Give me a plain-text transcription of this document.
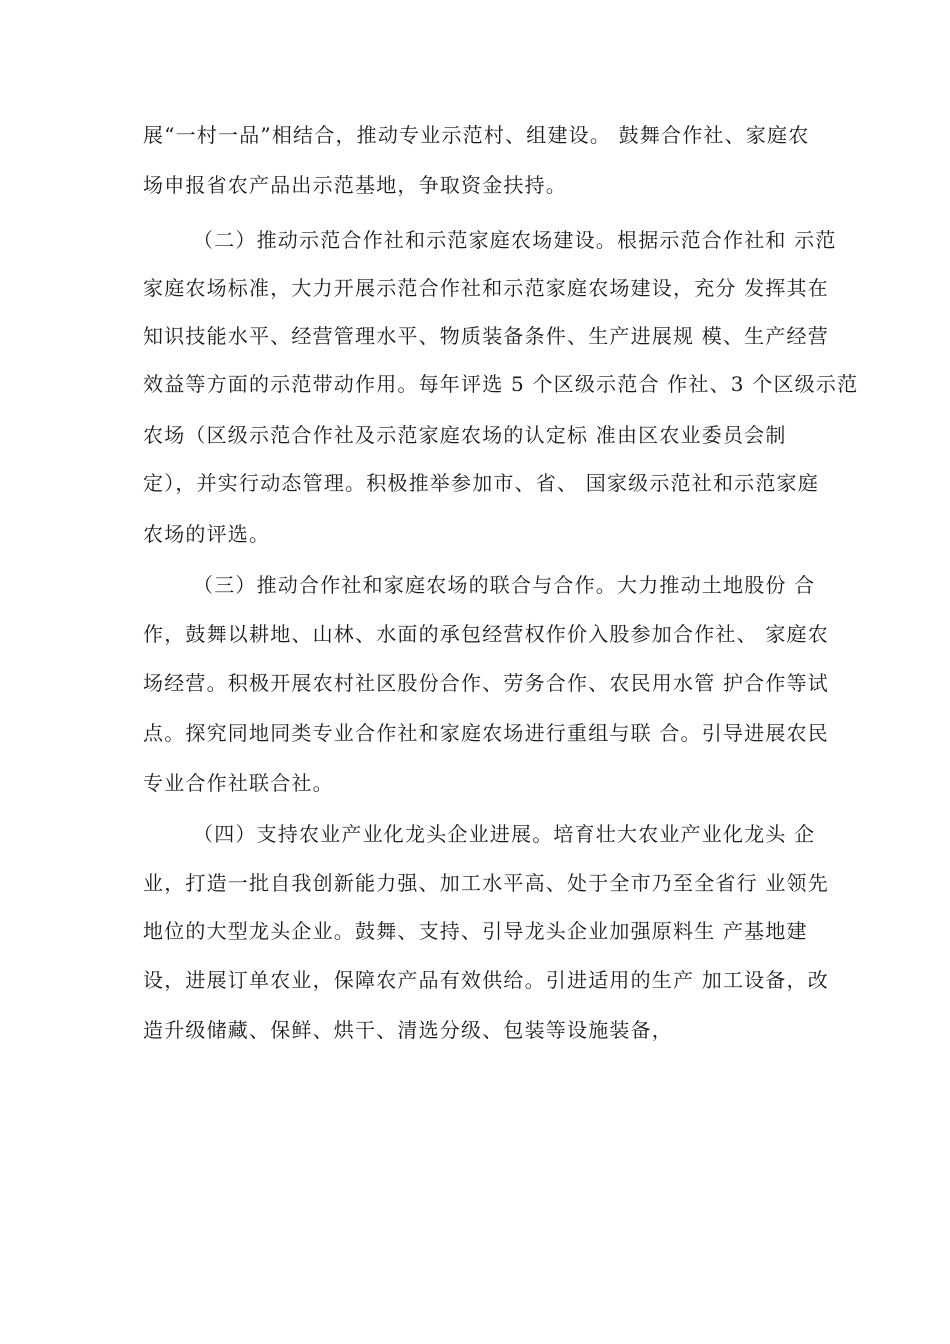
展“一村一品”相结合，推动专业示范村、组建设。 鼓舞合作社、家庭农
场申报省农产品出示范基地，争取资金扶持。
（二）推动示范合作社和示范家庭农场建设。根据示范合作社和 示范
家庭农场标准，大力开展示范合作社和示范家庭农场建设，充分 发挥其在
知识技能水平、经营管理水平、物质装备条件、生产进展规 模、生产经营
效益等方面的示范带动作用。每年评选 5 个区级示范合 作社、3 个区级示范
农场（区级示范合作社及示范家庭农场的认定标 准由区农业委员会制
定），并实行动态管理。积极推举参加市、省、 国家级示范社和示范家庭
农场的评选。
（三）推动合作社和家庭农场的联合与合作。大力推动土地股份 合
作，鼓舞以耕地、山林、水面的承包经营权作价入股参加合作社、 家庭农
场经营。积极开展农村社区股份合作、劳务合作、农民用水管 护合作等试
点。探究同地同类专业合作社和家庭农场进行重组与联 合。引导进展农民
专业合作社联合社。
（四）支持农业产业化龙头企业进展。培育壮大农业产业化龙头 企
业，打造一批自我创新能力强、加工水平高、处于全市乃至全省行 业领先
地位的大型龙头企业。鼓舞、支持、引导龙头企业加强原料生 产基地建
设，进展订单农业，保障农产品有效供给。引进适用的生产 加工设备，改
造升级储藏、保鲜、烘干、清选分级、包装等设施装备，
